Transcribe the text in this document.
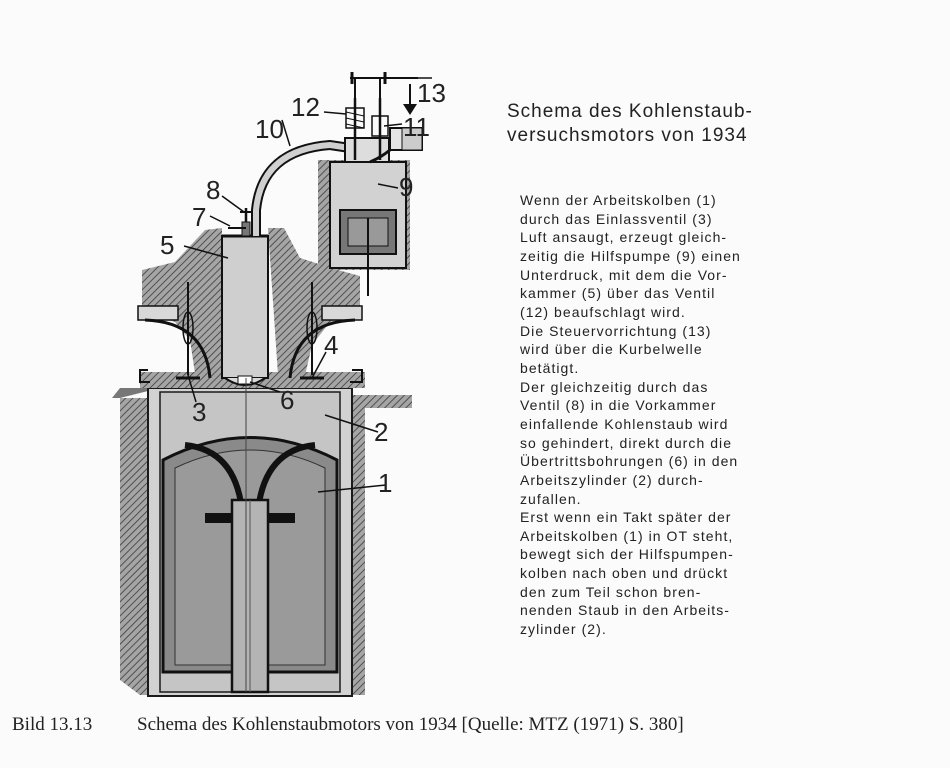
1
2
3
4
5
6
7
8	9
10	11
12	13
Schema des Kohlenstaub-
versuchsmotors von 1934
Wenn der Arbeitskolben (1)
durch das Einlassventil (3)
Luft ansaugt, erzeugt gleich-
zeitig die Hilfspumpe (9) einen
Unterdruck, mit dem die Vor-
kammer (5) über das Ventil
(12) beaufschlagt wird.
Die Steuervorrichtung (13)
wird über die Kurbelwelle
betätigt.
Der gleichzeitig durch das
Ventil (8) in die Vorkammer
einfallende Kohlenstaub wird
so gehindert, direkt durch die
Übertrittsbohrungen (6) in den
Arbeitszylinder (2) durch-
zufallen.
Erst wenn ein Takt später der
Arbeitskolben (1) in OT steht,
bewegt sich der Hilfspumpen-
kolben nach oben und drückt
den zum Teil schon bren-
nenden Staub in den Arbeits-
zylinder (2).
Bild 13.13 Schema des Kohlenstaubmotors von 1934 [Quelle: MTZ (1971) S. 380]
